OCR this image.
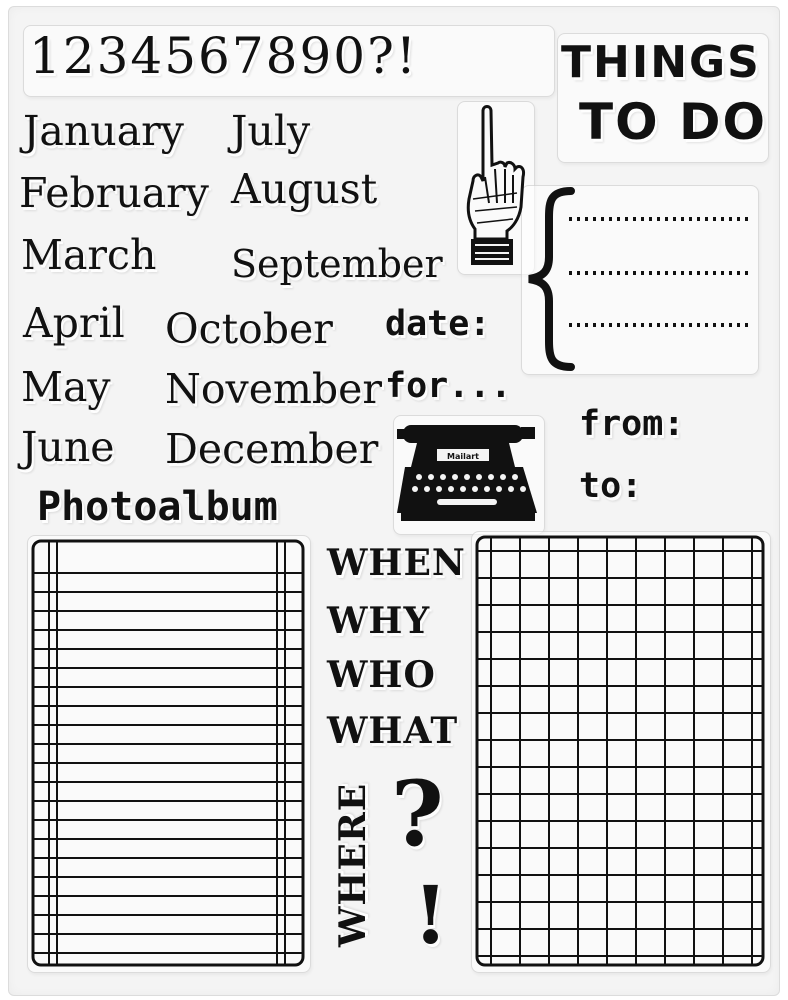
1234567890?!	THINGS
TO DO
January
February
March
April
May
June
July
August
September
October
November
December
Photoalbum
date:
for...
from:
to:
WHEN
WHY
WHO
WHAT
WHERE ?
!
Mailart
